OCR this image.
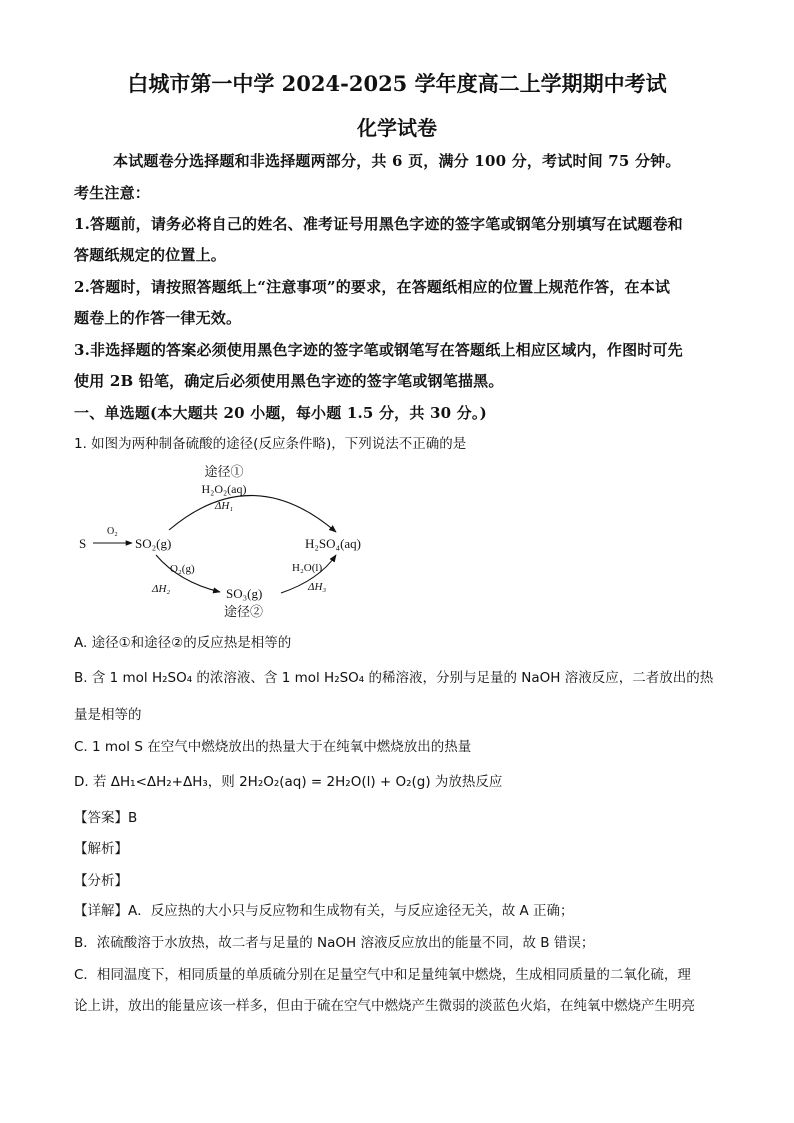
白城市第一中学 2024-2025 学年度高二上学期期中考试
化学试卷
本试题卷分选择题和非选择题两部分，共 6 页，满分 100 分，考试时间 75 分钟。
考生注意：
1.答题前，请务必将自己的姓名、准考证号用黑色字迹的签字笔或钢笔分别填写在试题卷和
答题纸规定的位置上。
2.答题时，请按照答题纸上“注意事项”的要求，在答题纸相应的位置上规范作答，在本试
题卷上的作答一律无效。
3.非选择题的答案必须使用黑色字迹的签字笔或钢笔写在答题纸上相应区域内，作图时可先
使用 2B 铅笔，确定后必须使用黑色字迹的签字笔或钢笔描黑。
一、单选题(本大题共 20 小题，每小题 1.5 分，共 30 分。)
1. 如图为两种制备硫酸的途径(反应条件略)，下列说法不正确的是
途径①
H₂O₂(aq)
ΔH₁
S
O₂
SO₂(g)	H₂SO₄(aq)
O₂(g)
ΔH₂	SO₃(g)
途径②
H₂O(l)
ΔH₃
A. 途径①和途径②的反应热是相等的
B. 含 1 mol H₂SO₄ 的浓溶液、含 1 mol H₂SO₄ 的稀溶液，分别与足量的 NaOH 溶液反应，二者放出的热
量是相等的
C. 1 mol S 在空气中燃烧放出的热量大于在纯氧中燃烧放出的热量
D. 若 ΔH₁<ΔH₂+ΔH₃，则 2H₂O₂(aq) = 2H₂O(l) + O₂(g) 为放热反应
【答案】B
【解析】
【分析】
【详解】A．反应热的大小只与反应物和生成物有关，与反应途径无关，故 A 正确；
B．浓硫酸溶于水放热，故二者与足量的 NaOH 溶液反应放出的能量不同，故 B 错误；
C．相同温度下，相同质量的单质硫分别在足量空气中和足量纯氧中燃烧，生成相同质量的二氧化硫，理
论上讲，放出的能量应该一样多，但由于硫在空气中燃烧产生微弱的淡蓝色火焰，在纯氧中燃烧产生明亮
